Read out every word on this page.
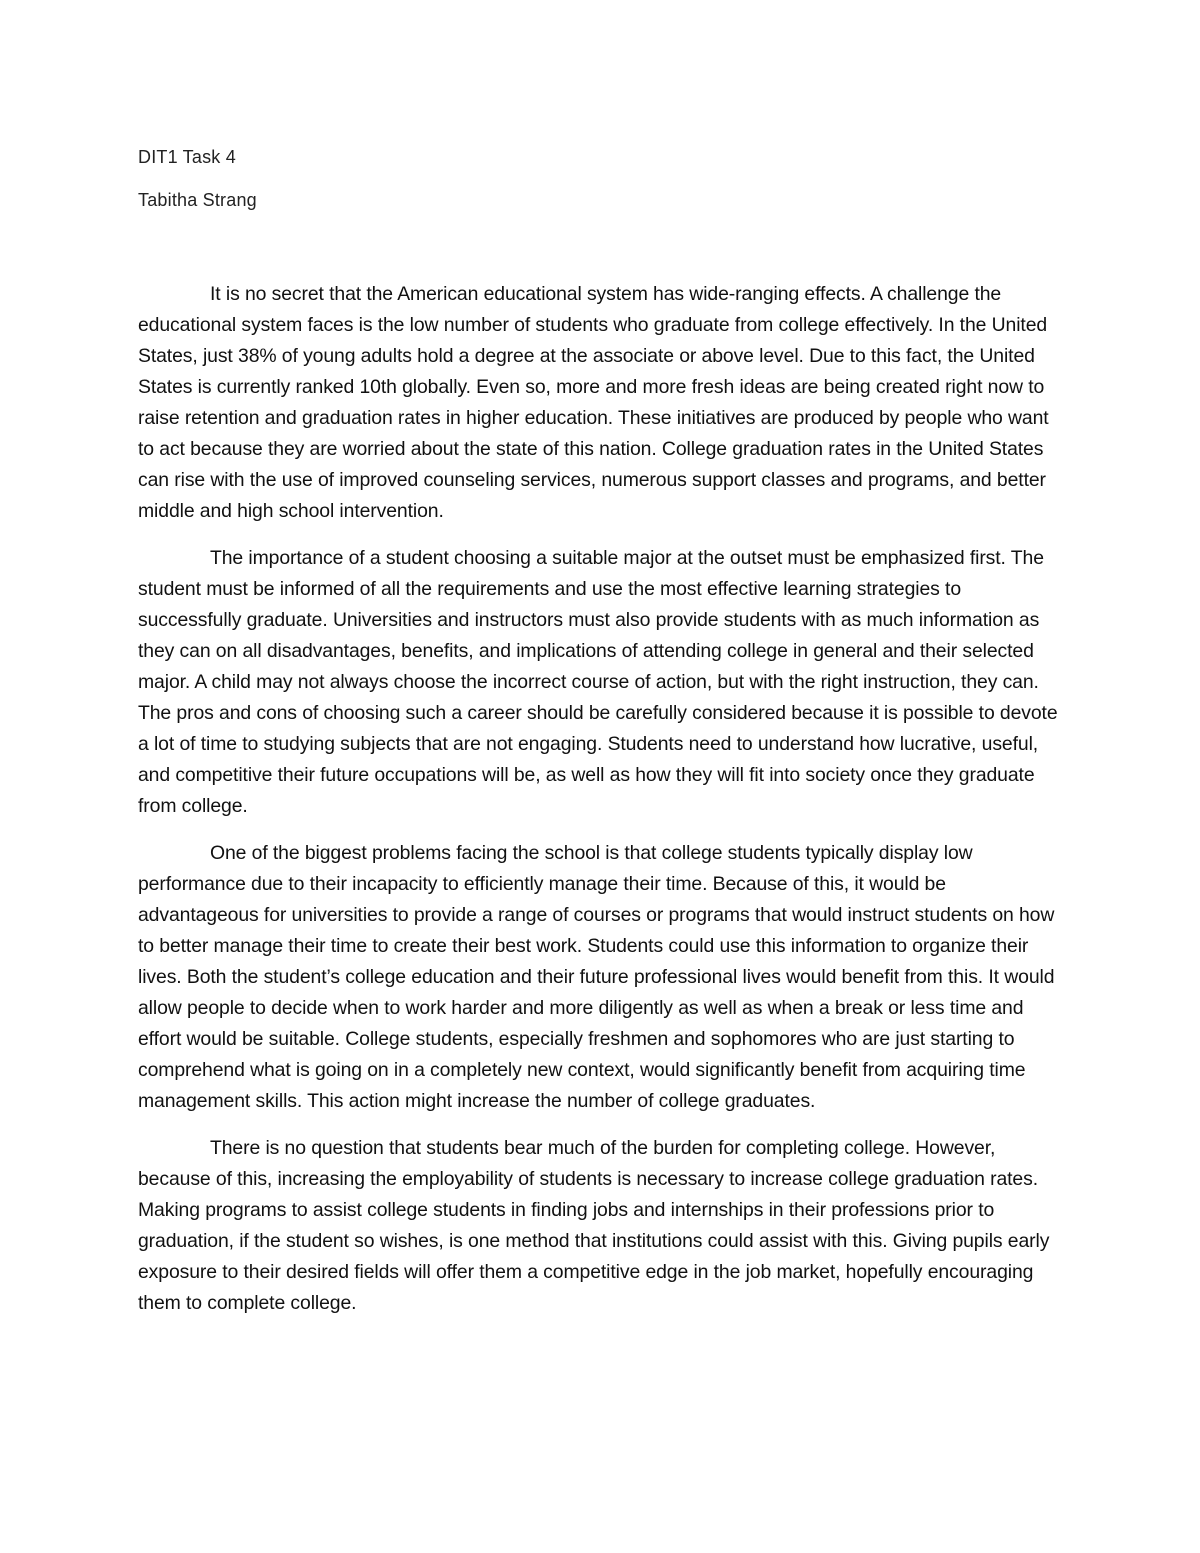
DIT1 Task 4

Tabitha Strang

It is no secret that the American educational system has wide-ranging effects. A challenge the educational system faces is the low number of students who graduate from college effectively. In the United States, just 38% of young adults hold a degree at the associate or above level. Due to this fact, the United States is currently ranked 10th globally. Even so, more and more fresh ideas are being created right now to raise retention and graduation rates in higher education. These initiatives are produced by people who want to act because they are worried about the state of this nation. College graduation rates in the United States can rise with the use of improved counseling services, numerous support classes and programs, and better middle and high school intervention.

The importance of a student choosing a suitable major at the outset must be emphasized first. The student must be informed of all the requirements and use the most effective learning strategies to successfully graduate. Universities and instructors must also provide students with as much information as they can on all disadvantages, benefits, and implications of attending college in general and their selected major. A child may not always choose the incorrect course of action, but with the right instruction, they can. The pros and cons of choosing such a career should be carefully considered because it is possible to devote a lot of time to studying subjects that are not engaging. Students need to understand how lucrative, useful, and competitive their future occupations will be, as well as how they will fit into society once they graduate from college.

One of the biggest problems facing the school is that college students typically display low performance due to their incapacity to efficiently manage their time. Because of this, it would be advantageous for universities to provide a range of courses or programs that would instruct students on how to better manage their time to create their best work. Students could use this information to organize their lives. Both the student’s college education and their future professional lives would benefit from this. It would allow people to decide when to work harder and more diligently as well as when a break or less time and effort would be suitable. College students, especially freshmen and sophomores who are just starting to comprehend what is going on in a completely new context, would significantly benefit from acquiring time management skills. This action might increase the number of college graduates.

There is no question that students bear much of the burden for completing college. However, because of this, increasing the employability of students is necessary to increase college graduation rates. Making programs to assist college students in finding jobs and internships in their professions prior to graduation, if the student so wishes, is one method that institutions could assist with this. Giving pupils early exposure to their desired fields will offer them a competitive edge in the job market, hopefully encouraging them to complete college.
